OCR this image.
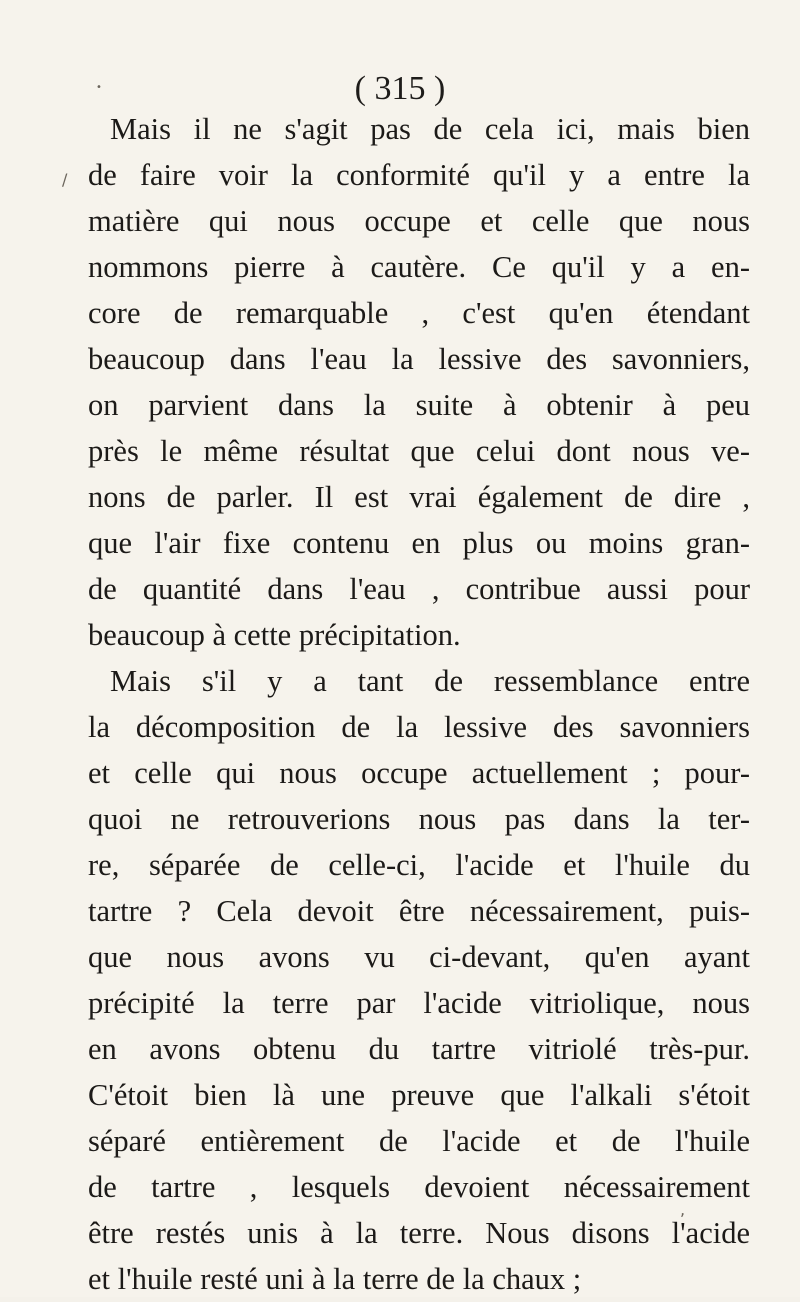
•	( 315 )
/
Mais il ne s'agit pas de cela ici, mais bien
de faire voir la conformité qu'il y a entre la
matière qui nous occupe et celle que nous
nommons pierre à cautère. Ce qu'il y a en-
core de remarquable , c'est qu'en étendant
beaucoup dans l'eau la lessive des savonniers,
on parvient dans la suite à obtenir à peu
près le même résultat que celui dont nous ve-
nons de parler. Il est vrai également de dire ,
que l'air fixe contenu en plus ou moins gran-
de quantité dans l'eau , contribue aussi pour
beaucoup à cette précipitation.
Mais s'il y a tant de ressemblance entre
la décomposition de la lessive des savonniers
et celle qui nous occupe actuellement ; pour-
quoi ne retrouverions nous pas dans la ter-
re, séparée de celle-ci, l'acide et l'huile du
tartre ? Cela devoit être nécessairement, puis-
que nous avons vu ci-devant, qu'en ayant
précipité la terre par l'acide vitriolique, nous
en avons obtenu du tartre vitriolé très-pur.
C'étoit bien là une preuve que l'alkali s'étoit
séparé entièrement de l'acide et de l'huile
de tartre , lesquels devoient nécessairement
être restés unis à la terre. Nous disons l'acide
et l'huile resté uni à la terre de la chaux ;
,
